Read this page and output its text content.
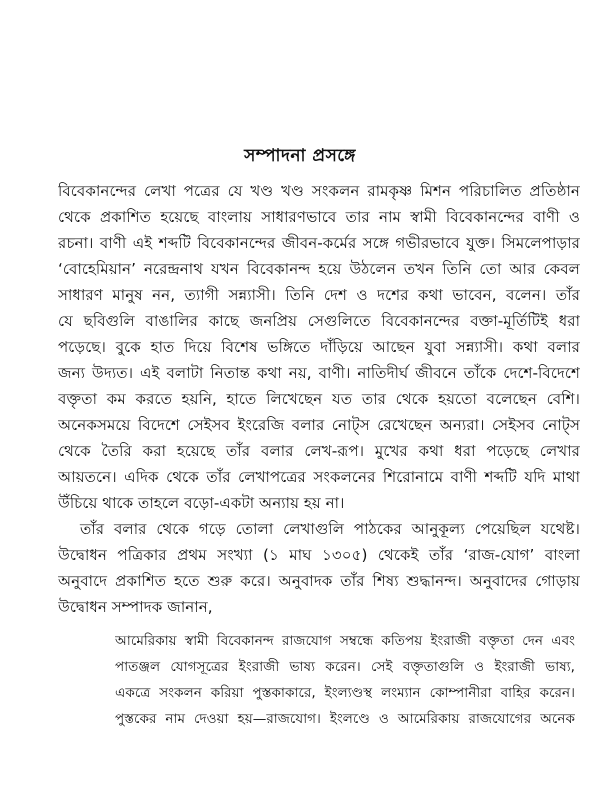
সম্পাদনা প্রসঙ্গে
বিবেকানন্দের লেখা পত্রের যে খণ্ড খণ্ড সংকলন রামকৃষ্ণ মিশন পরিচালিত প্রতিষ্ঠান
থেকে প্রকাশিত হয়েছে বাংলায় সাধারণভাবে তার নাম স্বামী বিবেকানন্দের বাণী ও
রচনা। বাণী এই শব্দটি বিবেকানন্দের জীবন-কর্মের সঙ্গে গভীরভাবে যুক্ত। সিমলেপাড়ার
‘বোহেমিয়ান’ নরেন্দ্রনাথ যখন বিবেকানন্দ হয়ে উঠলেন তখন তিনি তো আর কেবল
সাধারণ মানুষ নন, ত্যাগী সন্ন্যাসী। তিনি দেশ ও দশের কথা ভাবেন, বলেন। তাঁর
যে ছবিগুলি বাঙালির কাছে জনপ্রিয় সেগুলিতে বিবেকানন্দের বক্তা-মূর্তিটিই ধরা
পড়েছে। বুকে হাত দিয়ে বিশেষ ভঙ্গিতে দাঁড়িয়ে আছেন যুবা সন্ন্যাসী। কথা বলার
জন্য উদ্যত। এই বলাটা নিতান্ত কথা নয়, বাণী। নাতিদীর্ঘ জীবনে তাঁকে দেশে-বিদেশে
বক্তৃতা কম করতে হয়নি, হাতে লিখেছেন যত তার থেকে হয়তো বলেছেন বেশি।
অনেকসময়ে বিদেশে সেইসব ইংরেজি বলার নোট্‌স রেখেছেন অন্যরা। সেইসব নোট্‌স
থেকে তৈরি করা হয়েছে তাঁর বলার লেখ-রূপ। মুখের কথা ধরা পড়েছে লেখার
আয়তনে। এদিক থেকে তাঁর লেখাপত্রের সংকলনের শিরোনামে বাণী শব্দটি যদি মাথা
উঁচিয়ে থাকে তাহলে বড়ো-একটা অন্যায় হয় না।
তাঁর বলার থেকে গড়ে তোলা লেখাগুলি পাঠকের আনুকূল্য পেয়েছিল যথেষ্ট।
উদ্বোধন পত্রিকার প্রথম সংখ্যা (১ মাঘ ১৩০৫) থেকেই তাঁর ‘রাজ-যোগ’ বাংলা
অনুবাদে প্রকাশিত হতে শুরু করে। অনুবাদক তাঁর শিষ্য শুদ্ধানন্দ। অনুবাদের গোড়ায়
উদ্বোধন সম্পাদক জানান,
আমেরিকায় স্বামী বিবেকানন্দ রাজযোগ সম্বন্ধে কতিপয় ইংরাজী বক্তৃতা দেন এবং
পাতঞ্জল যোগসূত্রের ইংরাজী ভাষ্য করেন। সেই বক্তৃতাগুলি ও ইংরাজী ভাষ্য,
একত্রে সংকলন করিয়া পুস্তকাকারে, ইংল্যণ্ডস্থ লংম্যান কোম্পানীরা বাহির করেন।
পুস্তকের নাম দেওয়া হয়—রাজযোগ। ইংলণ্ডে ও আমেরিকায় রাজযোগের অনেক
